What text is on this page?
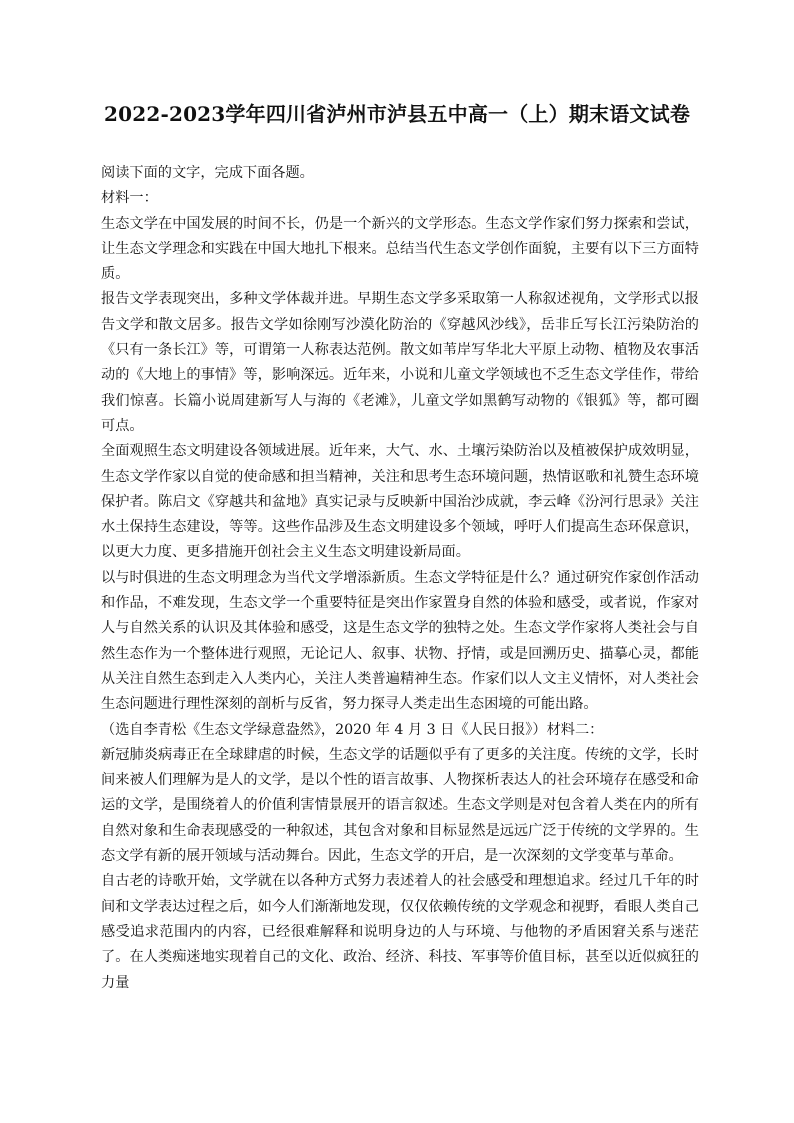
2022-2023学年四川省泸州市泸县五中高一（上）期末语文试卷

阅读下面的文字，完成下面各题。

材料一：

生态文学在中国发展的时间不长，仍是一个新兴的文学形态。生态文学作家们努力探索和尝试，让生态文学理念和实践在中国大地扎下根来。总结当代生态文学创作面貌，主要有以下三方面特质。

报告文学表现突出，多种文学体裁并进。早期生态文学多采取第一人称叙述视角，文学形式以报告文学和散文居多。报告文学如徐刚写沙漠化防治的《穿越风沙线》，岳非丘写长江污染防治的《只有一条长江》等，可谓第一人称表达范例。散文如苇岸写华北大平原上动物、植物及农事活动的《大地上的事情》等，影响深远。近年来，小说和儿童文学领域也不乏生态文学佳作，带给我们惊喜。长篇小说周建新写人与海的《老滩》，儿童文学如黑鹤写动物的《银狐》等，都可圈可点。

全面观照生态文明建设各领域进展。近年来，大气、水、土壤污染防治以及植被保护成效明显，生态文学作家以自觉的使命感和担当精神，关注和思考生态环境问题，热情讴歌和礼赞生态环境保护者。陈启文《穿越共和盆地》真实记录与反映新中国治沙成就，李云峰《汾河行思录》关注水土保持生态建设，等等。这些作品涉及生态文明建设多个领域，呼吁人们提高生态环保意识，以更大力度、更多措施开创社会主义生态文明建设新局面。

以与时俱进的生态文明理念为当代文学增添新质。生态文学特征是什么？通过研究作家创作活动和作品，不难发现，生态文学一个重要特征是突出作家置身自然的体验和感受，或者说，作家对人与自然关系的认识及其体验和感受，这是生态文学的独特之处。生态文学作家将人类社会与自然生态作为一个整体进行观照，无论记人、叙事、状物、抒情，或是回溯历史、描摹心灵，都能从关注自然生态到走入人类内心，关注人类普遍精神生态。作家们以人文主义情怀，对人类社会生态问题进行理性深刻的剖析与反省，努力探寻人类走出生态困境的可能出路。

（选自李青松《生态文学绿意盎然》，2020 年 4 月 3 日《人民日报》）材料二：

新冠肺炎病毒正在全球肆虐的时候，生态文学的话题似乎有了更多的关注度。传统的文学，长时间来被人们理解为是人的文学，是以个性的语言故事、人物探析表达人的社会环境存在感受和命运的文学，是围绕着人的价值利害情景展开的语言叙述。生态文学则是对包含着人类在内的所有自然对象和生命表现感受的一种叙述，其包含对象和目标显然是远远广泛于传统的文学界的。生态文学有新的展开领域与活动舞台。因此，生态文学的开启，是一次深刻的文学变革与革命。

自古老的诗歌开始，文学就在以各种方式努力表述着人的社会感受和理想追求。经过几千年的时间和文学表达过程之后，如今人们渐渐地发现，仅仅依赖传统的文学观念和视野，看眼人类自己感受追求范围内的内容，已经很难解释和说明身边的人与环境、与他物的矛盾困窘关系与迷茫了。在人类痴迷地实现着自己的文化、政治、经济、科技、军事等价值目标，甚至以近似疯狂的力量
